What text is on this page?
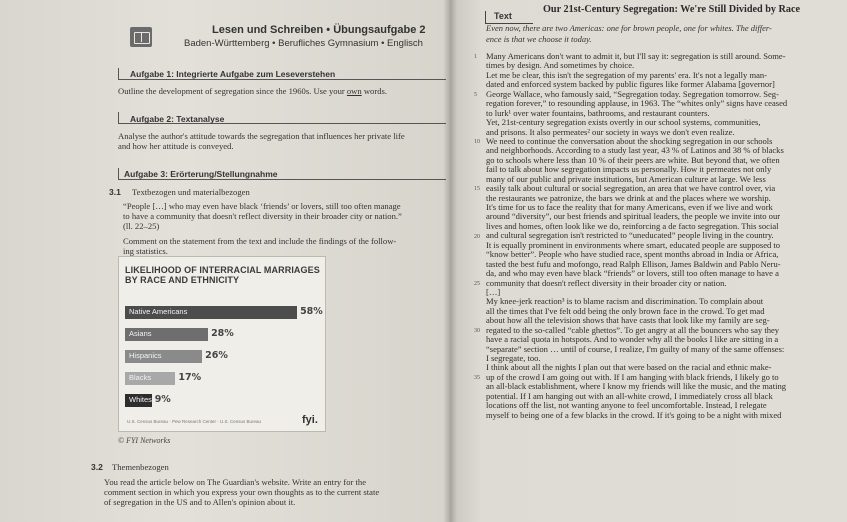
Lesen und Schreiben • Übungsaufgabe 2
Baden-Württemberg • Berufliches Gymnasium • Englisch
Aufgabe 1: Integrierte Aufgabe zum Leseverstehen
Outline the development of segregation since the 1960s. Use your own words.
Aufgabe 2: Textanalyse
Analyse the author's attitude towards the segregation that influences her private life
and how her attitude is conveyed.
Aufgabe 3: Erörterung/Stellungnahme
3.1 Textbezogen und materialbezogen
“People […] who may even have black ‘friends’ or lovers, still too often manage
to have a community that doesn't reflect diversity in their broader city or nation.”
(ll. 22–25)
Comment on the statement from the text and include the findings of the follow-
ing statistics.
LIKELIHOOD OF INTERRACIAL MARRIAGES
BY RACE AND ETHNICITY
Native Americans	58%
Asians	28%
Hispanics	26%
Blacks	17%
Whites 9%
U.S. Census Bureau · Pew Research Center · U.S. Census Bureau	fyi.
© FYI Networks
3.2 Themenbezogen
You read the article below on The Guardian's website. Write an entry for the
comment section in which you express your own thoughts as to the current state
of segregation in the US and to Allen's opinion about it.
Text
Our 21st-Century Segregation: We're Still Divided by Race
Even now, there are two Americas: one for brown people, one for whites. The differ-
ence is that we choose it today.
Many Americans don't want to admit it, but I'll say it: segregation is still around. Some-
times by design. And sometimes by choice.
Let me be clear, this isn't the segregation of my parents' era. It's not a legally man-
dated and enforced system backed by public figures like former Alabama [governor]
George Wallace, who famously said, “Segregation today. Segregation tomorrow. Seg-
regation forever,” to resounding applause, in 1963. The “whites only” signs have ceased
to lurk¹ over water fountains, bathrooms, and restaurant counters.
Yet, 21st-century segregation exists overtly in our school systems, communities,
and prisons. It also permeates² our society in ways we don't even realize.
We need to continue the conversation about the shocking segregation in our schools
and neighborhoods. According to a study last year, 43 % of Latinos and 38 % of blacks
go to schools where less than 10 % of their peers are white. But beyond that, we often
fail to talk about how segregation impacts us personally. How it permeates not only
many of our public and private institutions, but American culture at large. We less
easily talk about cultural or social segregation, an area that we have control over, via
the restaurants we patronize, the bars we drink at and the places where we worship.
It's time for us to face the reality that for many Americans, even if we live and work
around “diversity”, our best friends and spiritual leaders, the people we invite into our
lives and homes, often look like we do, reinforcing a de facto segregation. This social
and cultural segregation isn't restricted to “uneducated” people living in the country.
It is equally prominent in environments where smart, educated people are supposed to
“know better”. People who have studied race, spent months abroad in India or Africa,
tasted the best fufu and mofongo, read Ralph Ellison, James Baldwin and Pablo Neru-
da, and who may even have black “friends” or lovers, still too often manage to have a
community that doesn't reflect diversity in their broader city or nation.
[…]
My knee-jerk reaction³ is to blame racism and discrimination. To complain about
all the times that I've felt odd being the only brown face in the crowd. To get mad
about how all the television shows that have casts that look like my family are seg-
regated to the so-called “cable ghettos”. To get angry at all the bouncers who say they
have a racial quota in hotspots. And to wonder why all the books I like are sitting in a
“separate” section … until of course, I realize, I'm guilty of many of the same offenses:
I segregate, too.
I think about all the nights I plan out that were based on the racial and ethnic make-
up of the crowd I am going out with. If I am hanging with black friends, I likely go to
an all-black establishment, where I know my friends will like the music, and the mating
potential. If I am hanging out with an all-white crowd, I immediately cross all black
locations off the list, not wanting anyone to feel uncomfortable. Instead, I relegate
myself to being one of a few blacks in the crowd. If it's going to be a night with mixed
1
5
10
15
20
25
30
35
